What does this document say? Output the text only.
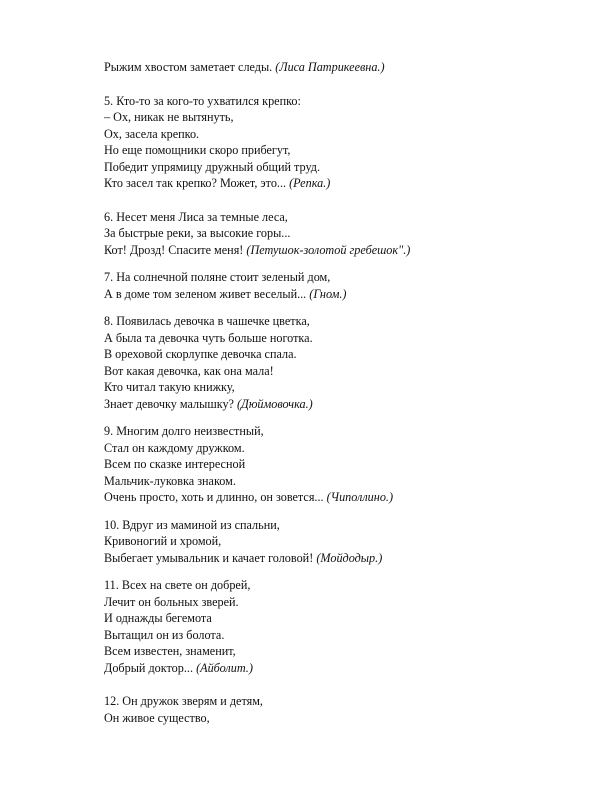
Рыжим хвостом заметает следы. (Лиса Патрикеевна.)
5. Кто-то за кого-то ухватился крепко:
– Ох, никак не вытянуть,
Ох, засела крепко.
Но еще помощники скоро прибегут,
Победит упрямицу дружный общий труд.
Кто засел так крепко? Может, это... (Репка.)
6. Несет меня Лиса за темные леса,
За быстрые реки, за высокие горы...
Кот! Дрозд! Спасите меня! (Петушок-золотой гребешок".)
7. На солнечной поляне стоит зеленый дом,
А в доме том зеленом живет веселый... (Гном.)
8. Появилась девочка в чашечке цветка,
А была та девочка чуть больше ноготка.
В ореховой скорлупке девочка спала.
Вот какая девочка, как она мала!
Кто читал такую книжку,
Знает девочку малышку? (Дюймовочка.)
9. Многим долго неизвестный,
Стал он каждому дружком.
Всем по сказке интересной
Мальчик-луковка знаком.
Очень просто, хоть и длинно, он зовется... (Чиполлино.)
10. Вдруг из маминой из спальни,
Кривоногий и хромой,
Выбегает умывальник и качает головой! (Мойдодыр.)
11. Всех на свете он добрей,
Лечит он больных зверей.
И однажды бегемота
Вытащил он из болота.
Всем известен, знаменит,
Добрый доктор... (Айболит.)
12. Он дружок зверям и детям,
Он живое существо,
